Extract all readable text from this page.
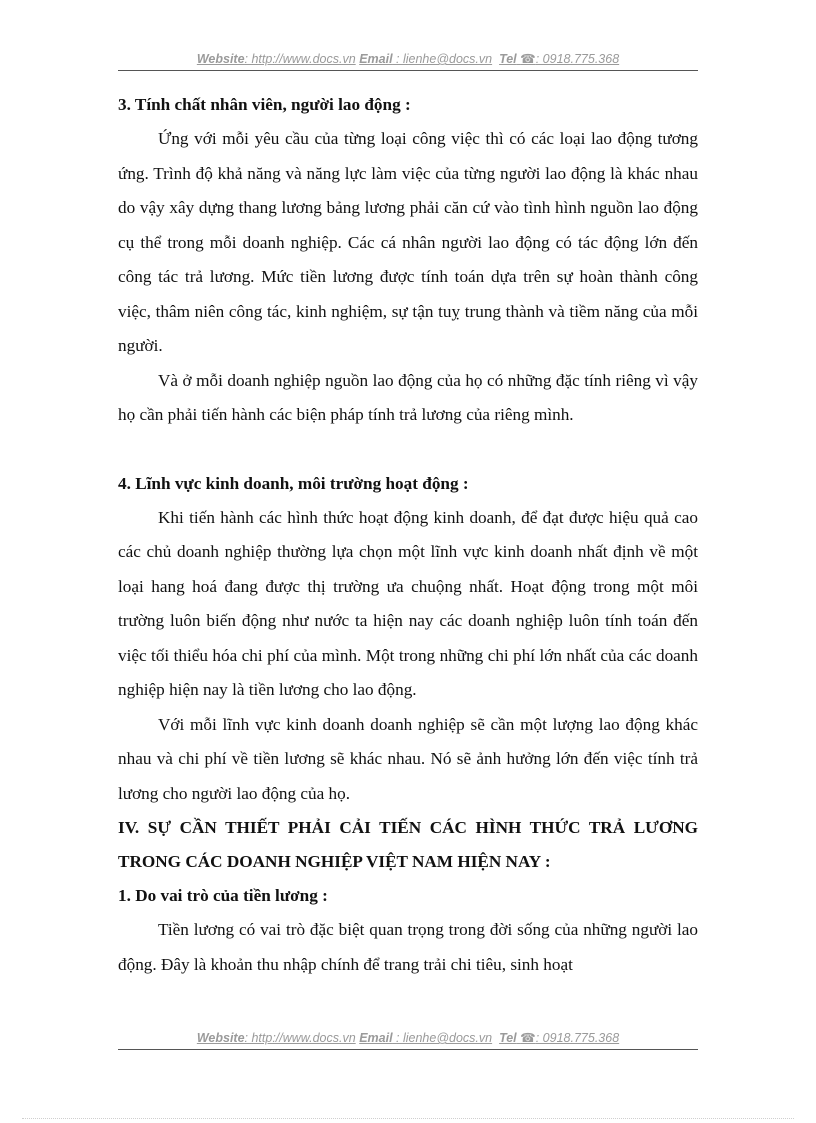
Website: http://www.docs.vn Email : lienhe@docs.vn Tel ☎: 0918.775.368

3. Tính chất nhân viên, người lao động :

Ứng với mỗi yêu cầu của từng loại công việc thì có các loại lao động tương ứng. Trình độ khả năng và năng lực làm việc của từng người lao động là khác nhau do vậy xây dựng thang lương bảng lương phải căn cứ vào tình hình nguồn lao động cụ thể trong mỗi doanh nghiệp. Các cá nhân người lao động có tác động lớn đến công tác trả lương. Mức tiền lương được tính toán dựa trên sự hoàn thành công việc, thâm niên công tác, kinh nghiệm, sự tận tuỵ trung thành và tiềm năng của mỗi người.

Và ở mỗi doanh nghiệp nguồn lao động của họ có những đặc tính riêng vì vậy họ cần phải tiến hành các biện pháp tính trả lương của riêng mình.

4. Lĩnh vực kinh doanh, môi trường hoạt động :

Khi tiến hành các hình thức hoạt động kinh doanh, để đạt được hiệu quả cao các chủ doanh nghiệp thường lựa chọn một lĩnh vực kinh doanh nhất định về một loại hang hoá đang được thị trường ưa chuộng nhất. Hoạt động trong một môi trường luôn biến động như nước ta hiện nay các doanh nghiệp luôn tính toán đến việc tối thiểu hóa chi phí của mình. Một trong những chi phí lớn nhất của các doanh nghiệp hiện nay là tiền lương cho lao động.

Với mỗi lĩnh vực kinh doanh doanh nghiệp sẽ cần một lượng lao động khác nhau và chi phí về tiền lương sẽ khác nhau. Nó sẽ ảnh hưởng lớn đến việc tính trả lương cho người lao động của họ.

IV. SỰ CẦN THIẾT PHẢI CẢI TIẾN CÁC HÌNH THỨC TRẢ LƯƠNG TRONG CÁC DOANH NGHIỆP VIỆT NAM HIỆN NAY :

1. Do vai trò của tiền lương :

Tiền lương có vai trò đặc biệt quan trọng trong đời sống của những người lao động. Đây là khoản thu nhập chính để trang trải chi tiêu, sinh hoạt

Website: http://www.docs.vn Email : lienhe@docs.vn Tel ☎: 0918.775.368
